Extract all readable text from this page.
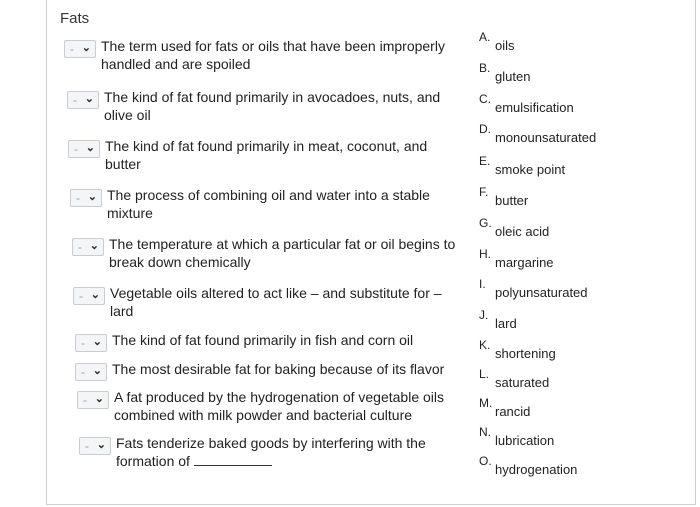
Fats
- ⌄ The term used for fats or oils that have been improperly handled and are spoiled
- ⌄ The kind of fat found primarily in avocadoes, nuts, and olive oil
- ⌄ The kind of fat found primarily in meat, coconut, and butter
- ⌄ The process of combining oil and water into a stable mixture
- ⌄ The temperature at which a particular fat or oil begins to break down chemically
- ⌄ Vegetable oils altered to act like – and substitute for – lard
- ⌄ The kind of fat found primarily in fish and corn oil
- ⌄ The most desirable fat for baking because of its flavor
- ⌄ A fat produced by the hydrogenation of vegetable oils combined with milk powder and bacterial culture
- ⌄ Fats tenderize baked goods by interfering with the formation of
A.
oils
B.
gluten
C.
emulsification
D.
monounsaturated
E.
smoke point
F.
butter
G.
oleic acid
H.
margarine
I.
polyunsaturated
J.
lard
K.
shortening
L.
saturated
M.
rancid
N.
lubrication
O.
hydrogenation
